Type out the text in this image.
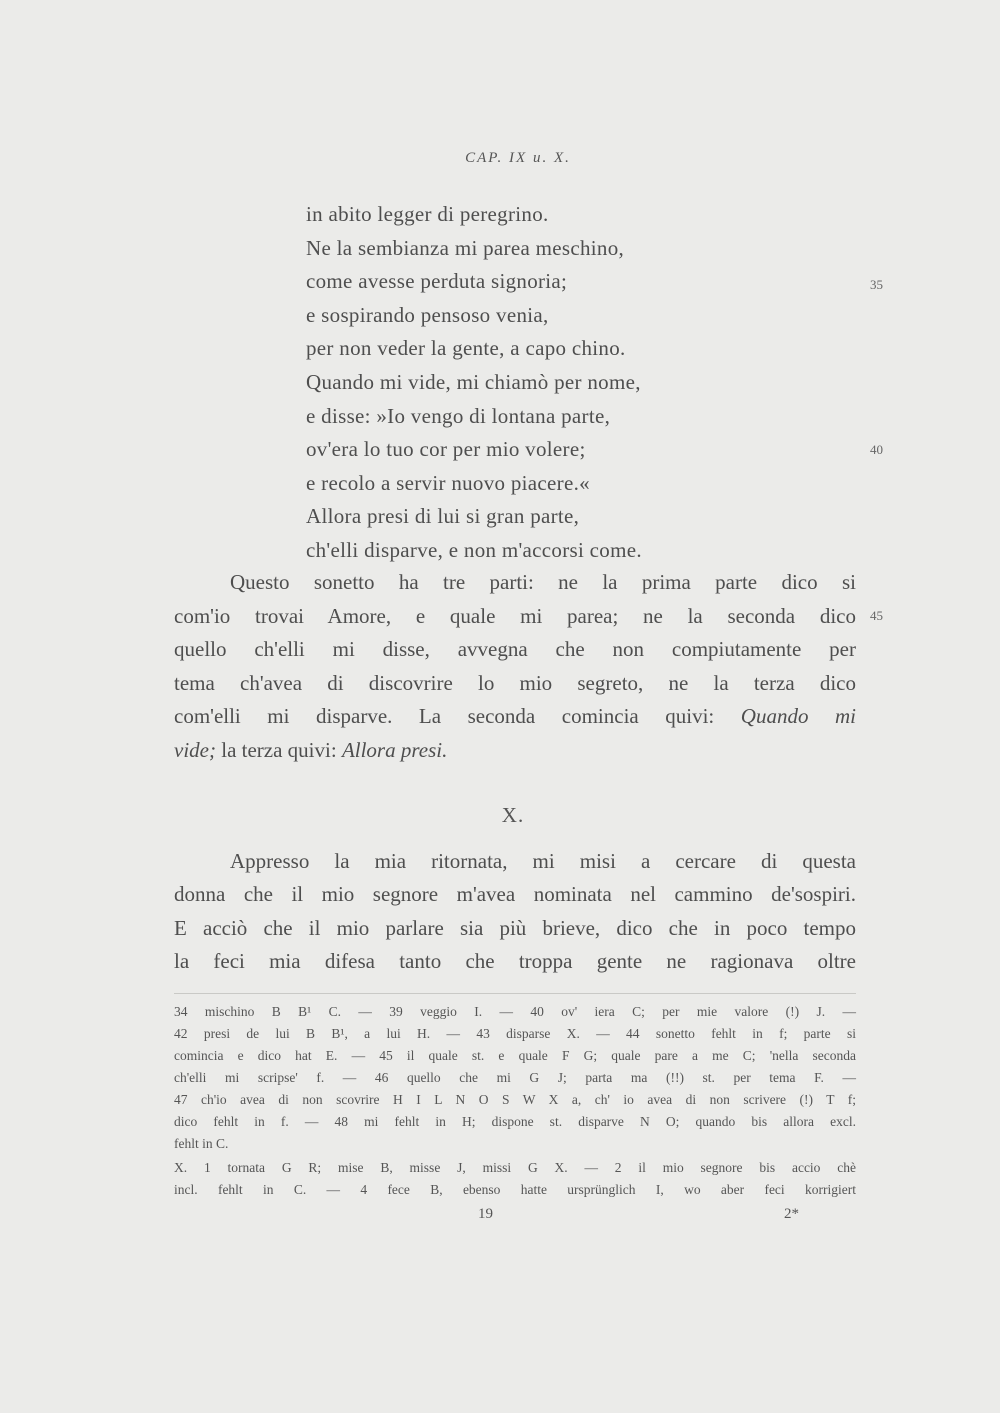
CAP. IX u. X.
in abito legger di peregrino.
Ne la sembianza mi parea meschino,
come avesse perduta signoria;
e sospirando pensoso venia,
per non veder la gente, a capo chino.
Quando mi vide, mi chiamò per nome,
e disse: »Io vengo di lontana parte,
ov'era lo tuo cor per mio volere;
e recolo a servir nuovo piacere.«
Allora presi di lui si gran parte,
ch'elli disparve, e non m'accorsi come.
35
40
45
Questo sonetto ha tre parti: ne la prima parte dico si
com'io trovai Amore, e quale mi parea; ne la seconda dico
quello ch'elli mi disse, avvegna che non compiutamente per
tema ch'avea di discovrire lo mio segreto, ne la terza dico
com'elli mi disparve. La seconda comincia quivi: Quando mi
vide; la terza quivi: Allora presi.
X.
Appresso la mia ritornata, mi misi a cercare di questa
donna che il mio segnore m'avea nominata nel cammino de'sospiri.
E acciò che il mio parlare sia più brieve, dico che in poco tempo
la feci mia difesa tanto che troppa gente ne ragionava oltre
34 mischino B B¹ C. — 39 veggio I. — 40 ov' iera C; per mie valore (!) J. —
42 presi de lui B B¹, a lui H. — 43 disparse X. — 44 sonetto fehlt in f; parte si
comincia e dico hat E. — 45 il quale st. e quale F G; quale pare a me C; 'nella seconda
ch'elli mi scripse' f. — 46 quello che mi G J; parta ma (!!) st. per tema F. —
47 ch'io avea di non scovrire H I L N O S W X a, ch' io avea di non scrivere (!) T f;
dico fehlt in f. — 48 mi fehlt in H; dispone st. disparve N O; quando bis allora excl.
fehlt in C.
X. 1 tornata G R; mise B, misse J, missi G X. — 2 il mio segnore bis accio chè
incl. fehlt in C. — 4 fece B, ebenso hatte ursprünglich I, wo aber feci korrigiert
19	2*
